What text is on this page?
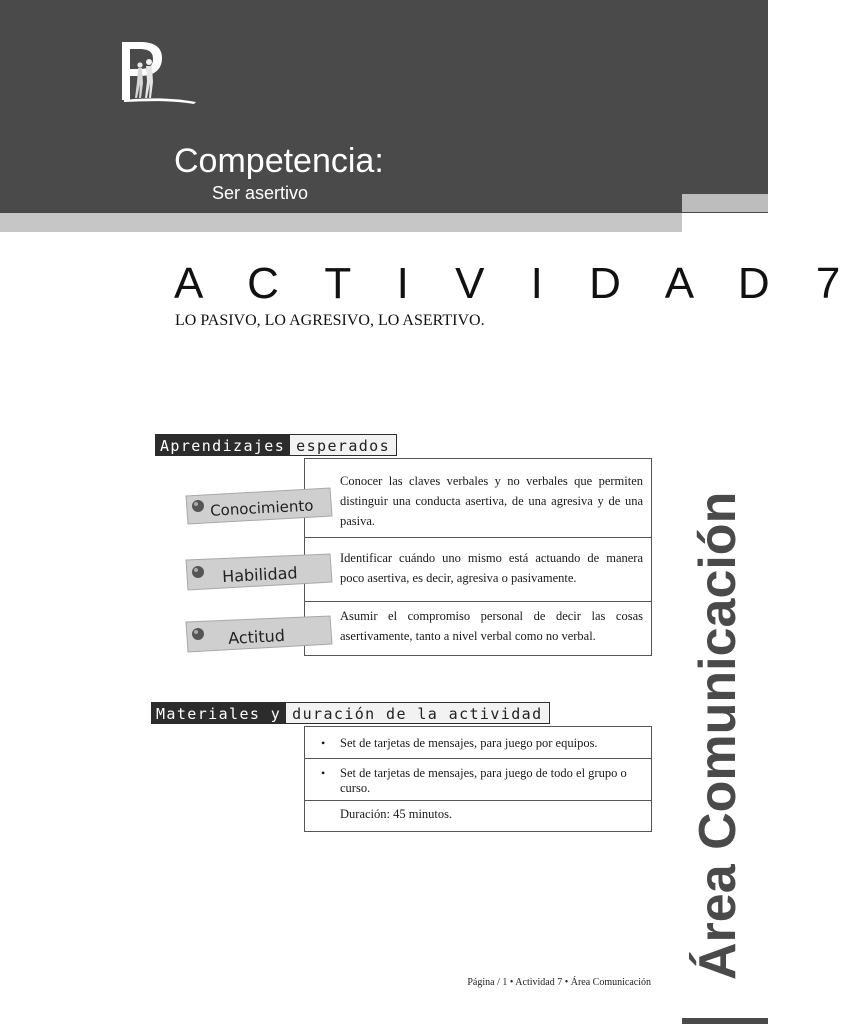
Competencia:
Ser asertivo
A C T I V I D A D 7
LO PASIVO, LO AGRESIVO, LO ASERTIVO.
Aprendizajes esperados
Conocer las claves verbales y no verbales que permiten distinguir una conducta asertiva, de una agresiva y de una pasiva.
Identificar cuándo uno mismo está actuando de manera poco asertiva, es decir, agresiva o pasivamente.
Asumir el compromiso personal de decir las cosas asertivamente, tanto a nivel verbal como no verbal.
Conocimiento
Habilidad
Actitud
Materiales y duración de la actividad
• Set de tarjetas de mensajes, para juego por equipos.
• Set de tarjetas de mensajes, para juego de todo el grupo o curso.
Duración: 45 minutos.	Área Comunicación
Página / 1 • Actividad 7 • Área Comunicación
